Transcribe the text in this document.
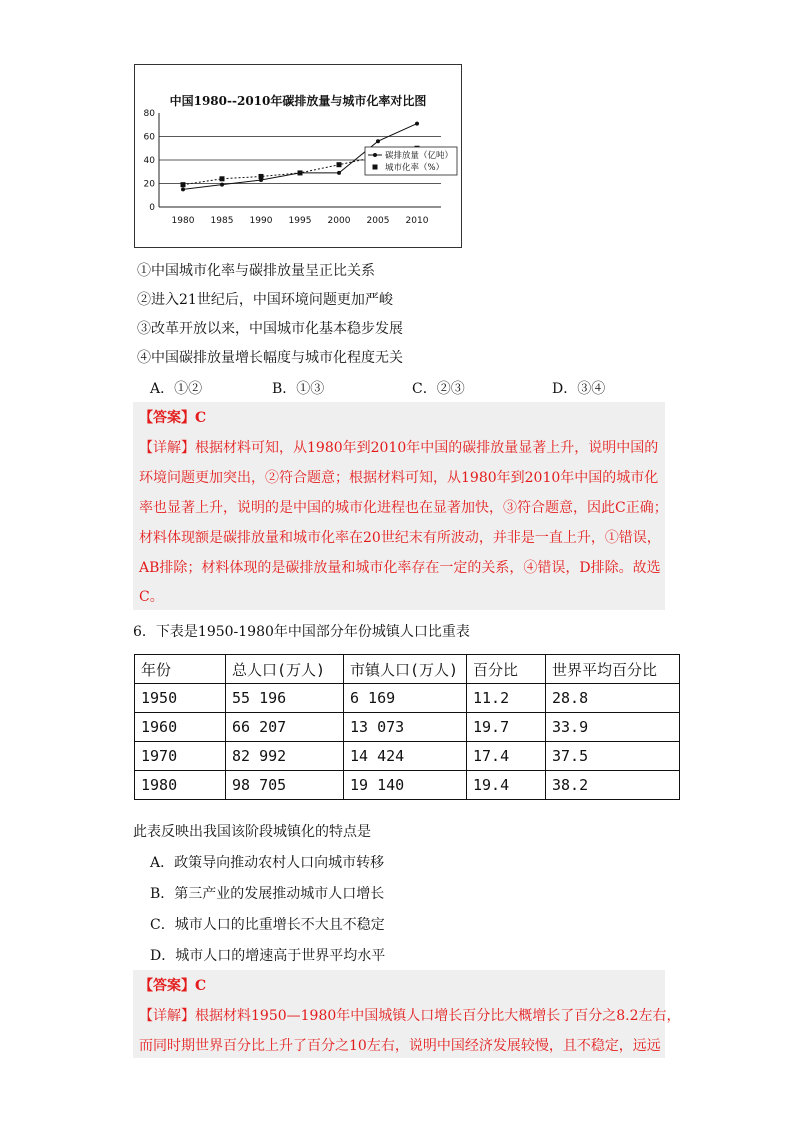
中国1980--2010年碳排放量与城市化率对比图
0
20
40
60
80
1980 1985 1990 1995 2000 2005 2010
碳排放量（亿吨）
城市化率（%）
①中国城市化率与碳排放量呈正比关系
②进入21世纪后，中国环境问题更加严峻
③改革开放以来，中国城市化基本稳步发展
④中国碳排放量增长幅度与城市化程度无关
A．①②	B．①③	C．②③	D．③④
【答案】C
【详解】根据材料可知，从1980年到2010年中国的碳排放量显著上升，说明中国的
环境问题更加突出，②符合题意；根据材料可知，从1980年到2010年中国的城市化
率也显著上升，说明的是中国的城市化进程也在显著加快，③符合题意，因此C正确；
材料体现额是碳排放量和城市化率在20世纪末有所波动，并非是一直上升，①错误，
AB排除；材料体现的是碳排放量和城市化率存在一定的关系，④错误，D排除。故选
C。
6．下表是1950-1980年中国部分年份城镇人口比重表
年份	总人口(万人)	市镇人口(万人)	百分比	世界平均百分比
1950	55 196	6 169	11.2	28.8
1960	66 207	13 073	19.7	33.9
1970	82 992	14 424	17.4	37.5
1980	98 705	19 140	19.4	38.2
此表反映出我国该阶段城镇化的特点是
A．政策导向推动农村人口向城市转移
B．第三产业的发展推动城市人口增长
C．城市人口的比重增长不大且不稳定
D．城市人口的增速高于世界平均水平
【答案】C
【详解】根据材料1950—1980年中国城镇人口增长百分比大概增长了百分之8.2左右，
而同时期世界百分比上升了百分之10左右，说明中国经济发展较慢，且不稳定，远远
